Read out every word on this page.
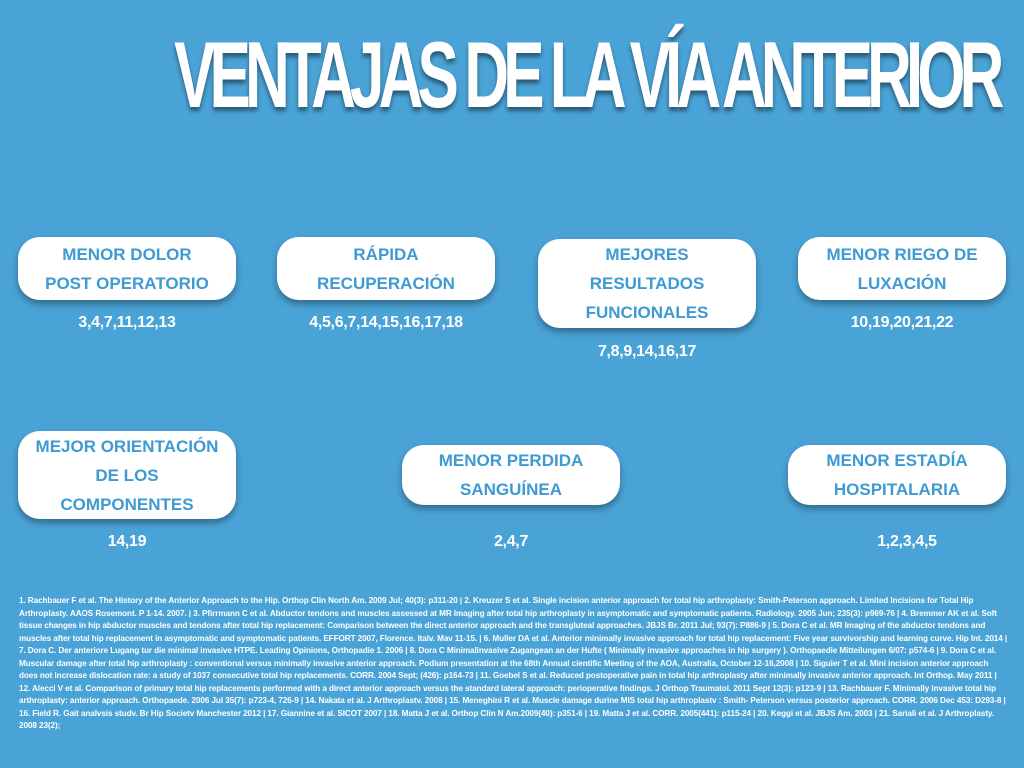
VENTAJAS DE LA VÍA ANTERIOR
MENOR DOLOR
POST OPERATORIO
3,4,7,11,12,13
RÁPIDA
RECUPERACIÓN
4,5,6,7,14,15,16,17,18
MEJORES
RESULTADOS
FUNCIONALES
7,8,9,14,16,17
MENOR RIEGO DE
LUXACIÓN
10,19,20,21,22
MEJOR ORIENTACIÓN
DE LOS
COMPONENTES
14,19
MENOR PERDIDA
SANGUÍNEA
2,4,7
MENOR ESTADÍA
HOSPITALARIA
1,2,3,4,5
1. Rachbauer F et al. The History of the Anterior Approach to the Hip. Orthop Clin North Am. 2009 Jul; 40(3): p311-20 | 2. Kreuzer S et al. Single incision anterior approach for total hip arthroplasty: Smith-Peterson approach. Limited Incisions for Total Hip Arthroplasty. AAOS Rosemont. P 1-14. 2007. | 3. Pfirrmann C et al. Abductor tendons and muscles assessed at MR Imaging after total hip arthroplasty in asymptomatic and symptomatic patients. Radiology. 2005 Jun; 235(3): p969-76 | 4. Bremmer AK et al. Soft tissue changes in hip abductor muscles and tendons after total hip replacement: Comparison between the direct anterior approach and the transgluteal approaches. JBJS Br. 2011 Jul; 93(7): P886-9 | 5. Dora C et al. MR Imaging of the abductor tendons and muscles after total hip replacement in asymptomatic and symptomatic patients. EFFORT 2007, Florence. Italv. Mav 11-15. | 6. Muller DA et al. Anterior minimally invasive approach for total hip replacement: Five year survivorship and learning curve. Hip Int. 2014 | 7. Dora C. Der anteriore Lugang tur die minimal invasive HTPE. Leading Opinions, Orthopadie 1. 2006 | 8. Dora C Minimalinvasive Zugangean an der Hufte ( Minimally invasive approaches in hip surgery ). Orthopaedie Mitteilungen 6/07: p574-6 | 9. Dora C et al. Muscular damage after total hip arthroplasty : conventional versus minimally invasive anterior approach. Podium presentation at the 68th Annual cientific Meeting of the AOA, Australia, October 12-16,2008 | 10. Siguier T et al. Mini incision anterior approach does not increase dislocation rate: a study of 1037 consecutive total hip replacements. CORR. 2004 Sept; (426): p164-73 | 11. Goebel S et al. Reduced postoperative pain in total hip arthroplasty after minimally invasive anterior approach. Int Orthop. May 2011 | 12. Alecci V et al. Comparison of primary total hip replacements performed with a direct anterior approach versus the standard lateral approach: perioperative findings. J Orthop Traumatol. 2011 Sept 12(3): p123-9 | 13. Rachbauer F. Minimally invasive total hip arthroplasty: anterior approach. Orthopaede. 2006 Jul 35(7): p723-4, 726-9 | 14. Nakata et al. J Arthroplastv. 2008 | 15. Meneghini R et al. Muscle damage durine MIS total hip arthroplastv : Smith- Peterson versus posterior approach. CORR. 2006 Dec 453: D293-8 | 16. Field R. Gait analvsis studv. Br Hip Societv Manchester 2012 | 17. Giannine et al. SICOT 2007 | 18. Matta J et al. Orthop Clin N Am.2009(40): p351-6 | 19. Matta J et al. CORR. 2005(441): p115-24 | 20. Keggi et al. JBJS Am. 2003 | 21. Sariali et al. J Arthroplasty. 2008 23(2);
